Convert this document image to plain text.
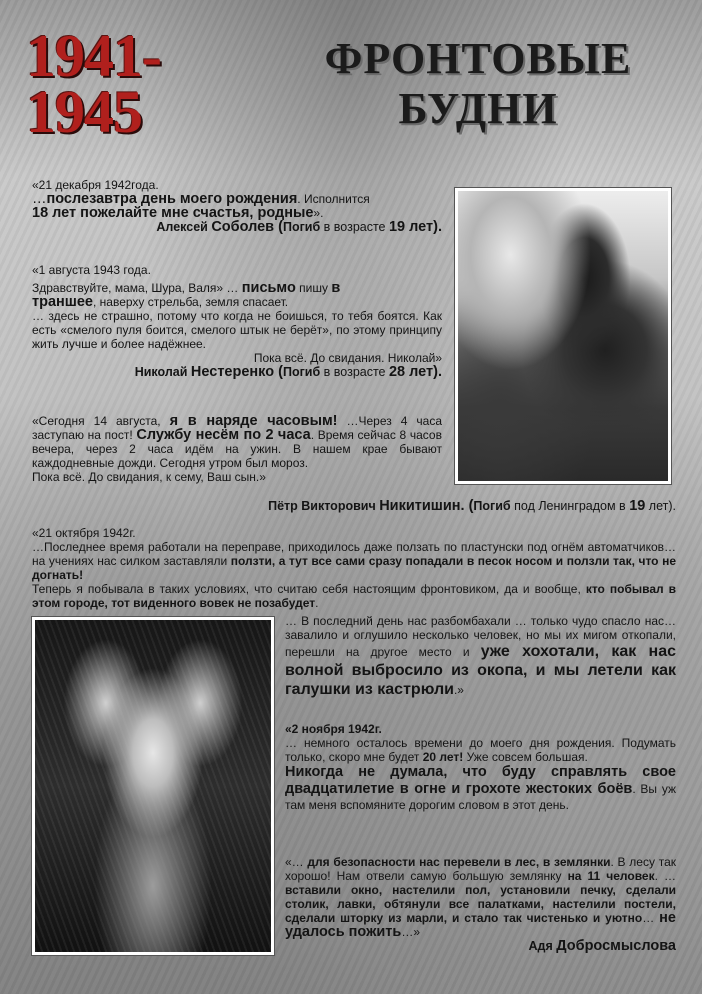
1941-
1945
ФРОНТОВЫЕ
БУДНИ
«21 декабря 1942года.
…послезавтра день моего рождения. Исполнится
18 лет пожелайте мне счастья, родные».
Алексей Соболев (Погиб в возрасте 19 лет).
«1 августа 1943 года.
Здравствуйте, мама, Шура, Валя» … письмо пишу в
траншее, наверху стрельба, земля спасает.
… здесь не страшно, потому что когда не боишься, то тебя боятся. Как есть «смелого пуля боится, смелого штык не берёт», по этому принципу жить лучше и более надёжнее.
Пока всё. До свидания. Николай»
Николай Нестеренко (Погиб в возрасте 28 лет).
«Сегодня 14 августа, я в наряде часовым! …Через 4 часа заступаю на пост! Службу несём по 2 часа. Время сейчас 8 часов вечера, через 2 часа идём на ужин. В нашем крае бывают каждодневные дожди. Сегодня утром был мороз.
Пока всё. До свидания, к сему, Ваш сын.»
Пётр Викторович Никитишин. (Погиб под Ленинградом в 19 лет).
«21 октября 1942г.
…Последнее время работали на переправе, приходилось даже ползать по пластунски под огнём автоматчиков… на учениях нас силком заставляли ползти, а тут все сами сразу попадали в песок носом и ползли так, что не догнать!
Теперь я побывала в таких условиях, что считаю себя настоящим фронтовиком, да и вообще, кто побывал в этом городе, тот виденного вовек не позабудет.
… В последний день нас разбомбахали … только чудо спасло нас… завалило и оглушило несколько человек, но мы их мигом откопали, перешли на другое место и уже хохотали, как нас волной выбросило из окопа, и мы летели как галушки из кастрюли.»
«2 ноября 1942г.
… немного осталось времени до моего дня рождения. Подумать только, скоро мне будет 20 лет! Уже совсем большая.
Никогда не думала, что буду справлять свое двадцатилетие в огне и грохоте жестоких боёв. Вы уж там меня вспомяните дорогим словом в этот день.
«… для безопасности нас перевели в лес, в землянки. В лесу так хорошо! Нам отвели самую большую землянку на 11 человек. … вставили окно, настелили пол, установили печку, сделали столик, лавки, обтянули все палатками, настелили постели, сделали шторку из марли, и стало так чистенько и уютно… не удалось пожить…»
Адя Добросмыслова
